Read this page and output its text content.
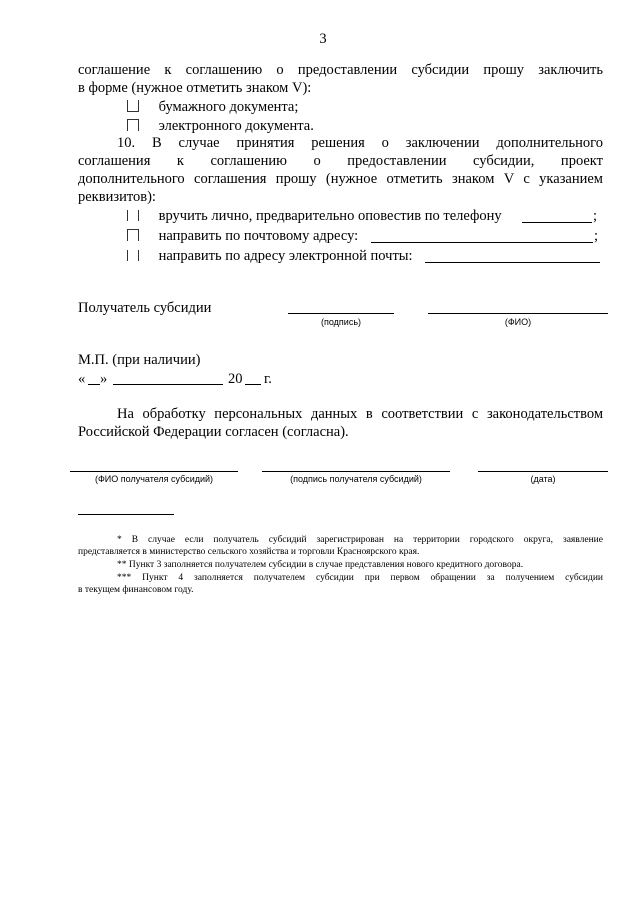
3
соглашение к соглашению о предоставлении субсидии прошу заключить
в форме (нужное отметить знаком V):
бумажного документа;
электронного документа.
10. В случае принятия решения о заключении дополнительного
соглашения к соглашению о предоставлении субсидии, проект
дополнительного соглашения прошу (нужное отметить знаком V с указанием
реквизитов):
вручить лично, предварительно оповестив по телефону	;
направить по почтовому адресу:	;
направить по адресу электронной почты:
Получатель субсидии
(подпись)	(ФИО)
М.П. (при наличии)
« »	20 г.
На обработку персональных данных в соответствии с законодательством
Российской Федерации согласен (согласна).
(ФИО получателя субсидий)	(подпись получателя субсидий)	(дата)
* В случае если получатель субсидий зарегистрирован на территории городского округа, заявление
представляется в министерство сельского хозяйства и торговли Красноярского края.
** Пункт 3 заполняется получателем субсидии в случае представления нового кредитного договора.
*** Пункт 4 заполняется получателем субсидии при первом обращении за получением субсидии
в текущем финансовом году.
